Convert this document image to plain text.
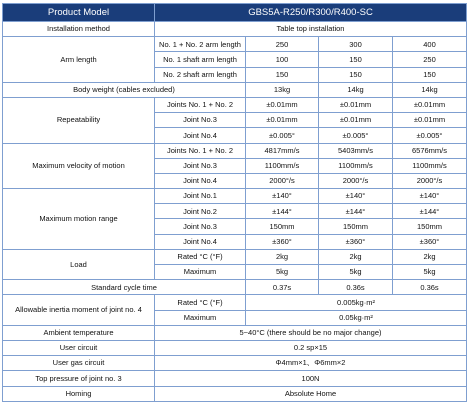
Product Model	GBS5A-R250/R300/R400-SC			
Installation method	Table top installation			
Arm length	No. 1 + No. 2 arm length	250	300	400
	No. 1 shaft arm length	100	150	250
	No. 2 shaft arm length	150	150	150
Body weight (cables excluded)		13kg	14kg	14kg
Repeatability	Joints No. 1 + No. 2	±0.01mm	±0.01mm	±0.01mm
	Joint No.3	±0.01mm	±0.01mm	±0.01mm
	Joint No.4	±0.005°	±0.005°	±0.005°
Maximum velocity of motion	Joints No. 1 + No. 2	4817mm/s	5403mm/s	6576mm/s
	Joint No.3	1100mm/s	1100mm/s	1100mm/s
	Joint No.4	2000°/s	2000°/s	2000°/s
Maximum motion range	Joint No.1	±140°	±140°	±140°
	Joint No.2	±144°	±144°	±144°
	Joint No.3	150mm	150mm	150mm
	Joint No.4	±360°	±360°	±360°
Load	Rated °C (°F)	2kg	2kg	2kg
	Maximum	5kg	5kg	5kg
Standard cycle time		0.37s	0.36s	0.36s
Allowable inertia moment of joint no. 4	Rated °C (°F)	0.005kg·m²		
	Maximum	0.05kg·m²		
Ambient temperature	5~40°C (there should be no major change)			
User circuit	0.2 sp×15			
User gas circuit	Φ4mm×1、Φ6mm×2			
Top pressure of joint no. 3	100N			
Homing	Absolute Home			
